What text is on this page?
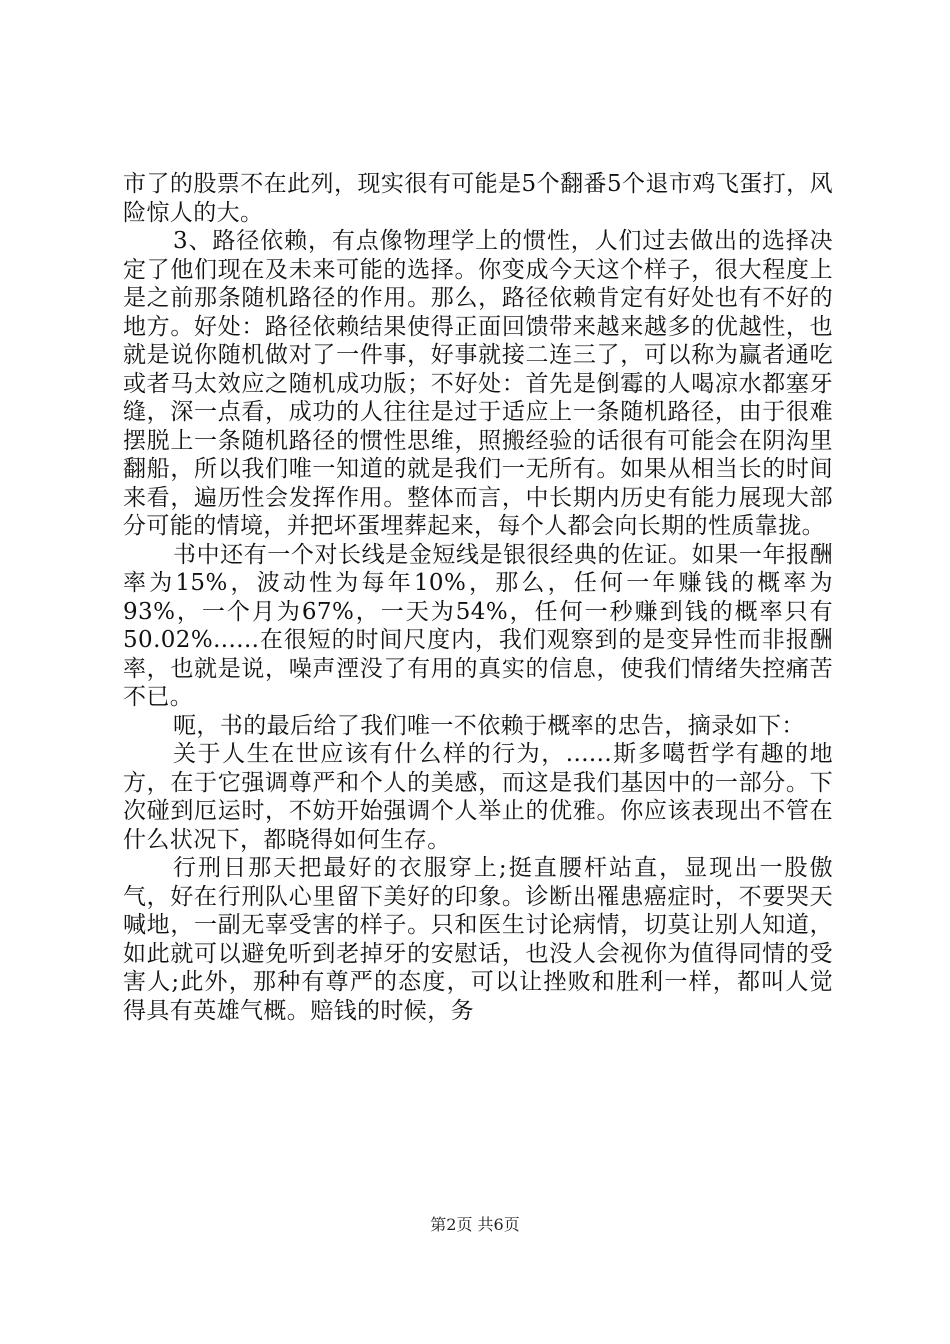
市了的股票不在此列，现实很有可能是5个翻番5个退市鸡飞蛋打，风险惊人的大。

3、路径依赖，有点像物理学上的惯性，人们过去做出的选择决定了他们现在及未来可能的选择。你变成今天这个样子，很大程度上是之前那条随机路径的作用。那么，路径依赖肯定有好处也有不好的地方。好处：路径依赖结果使得正面回馈带来越来越多的优越性，也就是说你随机做对了一件事，好事就接二连三了，可以称为赢者通吃或者马太效应之随机成功版；不好处：首先是倒霉的人喝凉水都塞牙缝，深一点看，成功的人往往是过于适应上一条随机路径，由于很难摆脱上一条随机路径的惯性思维，照搬经验的话很有可能会在阴沟里翻船，所以我们唯一知道的就是我们一无所有。如果从相当长的时间来看，遍历性会发挥作用。整体而言，中长期内历史有能力展现大部分可能的情境，并把坏蛋埋葬起来，每个人都会向长期的性质靠拢。

书中还有一个对长线是金短线是银很经典的佐证。如果一年报酬率为15%，波动性为每年10%，那么，任何一年赚钱的概率为93%，一个月为67%，一天为54%，任何一秒赚到钱的概率只有50.02%......在很短的时间尺度内，我们观察到的是变异性而非报酬率，也就是说，噪声湮没了有用的真实的信息，使我们情绪失控痛苦不已。

呃，书的最后给了我们唯一不依赖于概率的忠告，摘录如下：

关于人生在世应该有什么样的行为，......斯多噶哲学有趣的地方，在于它强调尊严和个人的美感，而这是我们基因中的一部分。下次碰到厄运时，不妨开始强调个人举止的优雅。你应该表现出不管在什么状况下，都晓得如何生存。

行刑日那天把最好的衣服穿上;挺直腰杆站直，显现出一股傲气，好在行刑队心里留下美好的印象。诊断出罹患癌症时，不要哭天喊地，一副无辜受害的样子。只和医生讨论病情，切莫让别人知道，如此就可以避免听到老掉牙的安慰话，也没人会视你为值得同情的受害人;此外，那种有尊严的态度，可以让挫败和胜利一样，都叫人觉得具有英雄气概。赔钱的时候，务

第2页 共6页
